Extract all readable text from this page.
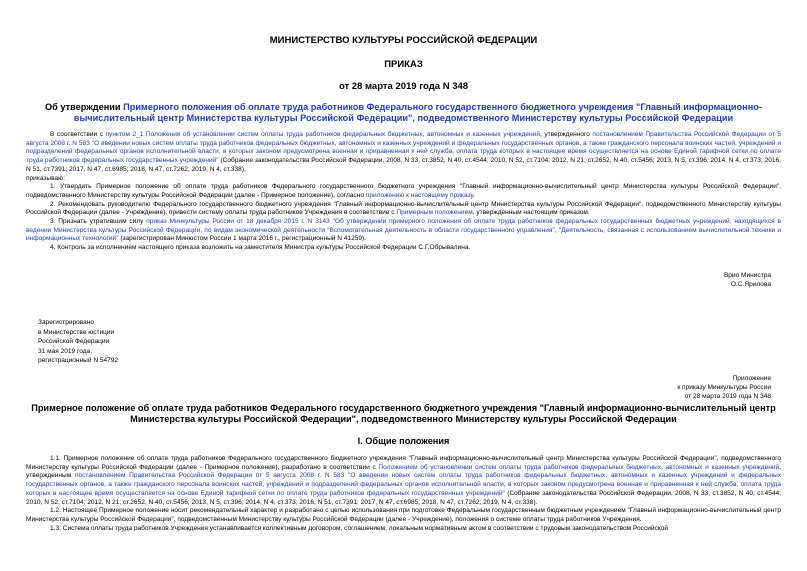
МИНИСТЕРСТВО КУЛЬТУРЫ РОССИЙСКОЙ ФЕДЕРАЦИИ
ПРИКАЗ
от 28 марта 2019 года N 348
Об утверждении Примерного положения об оплате труда работников Федерального государственного бюджетного учреждения "Главный информационно-вычислительный центр Министерства культуры Российской Федерации", подведомственного Министерству культуры Российской Федерации

В соответствии с пунктом 2_1 Положения об установлении систем оплаты труда работников федеральных бюджетных, автономных и казенных учреждений, утвержденного постановлением Правительства Российской Федерации от 5 августа 2008 г. N 583 "О введении новых систем оплаты труда работников федеральных бюджетных, автономных и казенных учреждений и федеральных государственных органов, а также гражданского персонала воинских частей, учреждений и подразделений федеральных органов исполнительной власти, в которых законом предусмотрена военная и приравненная к ней служба, оплата труда которых в настоящее время осуществляется на основе Единой тарифной сетки по оплате труда работников федеральных государственных учреждений" (Собрание законодательства Российской Федерации, 2008, N 33, ст.3852, N 40, ст.4544; 2010, N 52, ст.7104; 2012, N 21, ст.2652, N 40, ст.5456; 2013, N 5, ст.396; 2014, N 4, ст.373; 2016, N 51, ст.7391; 2017, N 47, ст.6985; 2018, N 47, ст.7262; 2019, N 4, ст.338),

приказываю:

1. Утвердить Примерное положение об оплате труда работников Федерального государственного бюджетного учреждения "Главный информационно-вычислительный центр Министерства культуры Российской Федерации", подведомственного Министерству культуры Российской Федерации (далее - Примерное положение), согласно приложению к настоящему приказу.

2. Рекомендовать руководителю Федерального государственного бюджетного учреждения "Главный информационно-вычислительный центр Министерства культуры Российской Федерации", подведомственного Министерству культуры Российской Федерации (далее - Учреждение), привести систему оплаты труда работников Учреждения в соответствие с Примерным положением, утвержденным настоящим приказом.

3. Признать утратившим силу приказ Минкультуры России от 18 декабря 2015 г. N 3143 "Об утверждении примерного положения об оплате труда работников федеральных государственных бюджетных учреждений, находящихся в ведении Министерства культуры Российской Федерации, по видам экономической деятельности "Вспомогательная деятельность в области государственного управления", "Деятельность, связанная с использованием вычислительной техники и информационных технологий" (зарегистрирован Минюстом России 1 марта 2016 г., регистрационный N 41259).

4. Контроль за исполнением настоящего приказа возложить на заместителя Министра культуры Российской Федерации С.Г.Обрывалина.

Врио Министра
О.С.Ярилова
Зарегистрировано
в Министерстве юстиции
Российской Федерации
31 мая 2019 года,
регистрационный N 54792
Приложение
к приказу Минкультуры России
от 28 марта 2019 года N 348
Примерное положение об оплате труда работников Федерального государственного бюджетного учреждения "Главный информационно-вычислительный центр Министерства культуры Российской Федерации", подведомственного Министерству культуры Российской Федерации
I. Общие положения

1.1. Примерное положение об оплате труда работников Федерального государственного бюджетного учреждения "Главный информационно-вычислительный центр Министерства культуры Российской Федерации", подведомственного Министерству культуры Российской Федерации (далее - Примерное положение), разработано в соответствии с Положением об установлении систем оплаты труда работников федеральных бюджетных, автономных и казенных учреждений, утвержденным постановлением Правительства Российской Федерации от 5 августа 2008 г. N 583 "О введении новых систем оплаты труда работников федеральных бюджетных, автономных и казенных учреждений и федеральных государственных органов, а также гражданского персонала воинских частей, учреждений и подразделений федеральных органов исполнительной власти, в которых законом предусмотрена военная и приравненная к ней служба, оплата труда которых в настоящее время осуществляется на основе Единой тарифной сетки по оплате труда работников федеральных государственных учреждений" (Собрание законодательства Российской Федерации, 2008, N 33, ст.3852, N 40, ст.4544; 2010, N 52, ст.7104; 2012, N 21, ст.2652, N 40, ст.5456; 2013, N 5, ст.396; 2014, N 4, ст.373; 2016, N 51, ст.7391; 2017, N 47, ст.6985; 2018, N 47, ст.7262; 2019, N 4, ст.338).

1.2. Настоящее Примерное положение носит рекомендательный характер и разработано с целью использования при подготовке Федеральным государственным бюджетным учреждением "Главный информационно-вычислительный центр Министерства культуры Российской Федерации", подведомственным Министерству культуры Российской Федерации (далее - Учреждение), положения о системе оплаты труда работников Учреждения.

1.3. Система оплаты труда работников Учреждения устанавливается коллективным договором, соглашением, локальным нормативным актом в соответствии с трудовым законодательством Российской
